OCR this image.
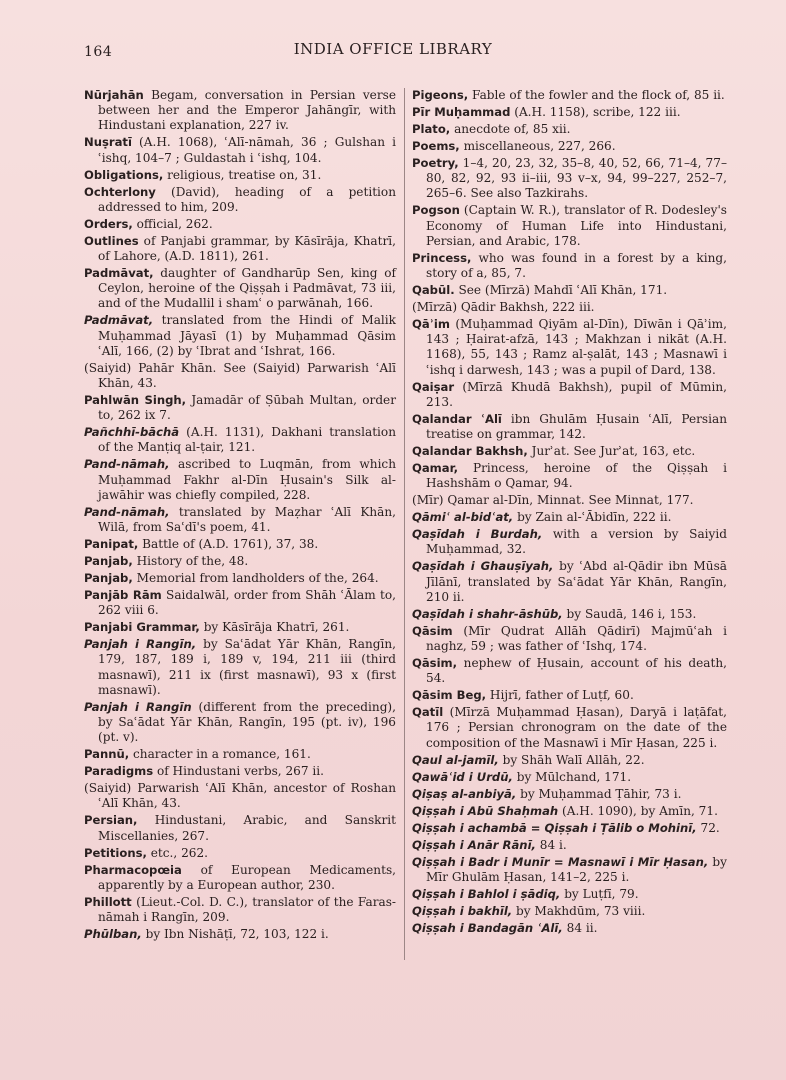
164	INDIA OFFICE LIBRARY

Nūrjahān Begam, conversation in Persian verse between her and the Emperor Jahāngīr, with Hindustani explanation, 227 iv.

Nuṣratī (A.H. 1068), ʿAlī-nāmah, 36 ; Gulshan i ʿishq, 104–7 ; Guldastah i ʿishq, 104.

Obligations, religious, treatise on, 31.

Ochterlony (David), heading of a petition addressed to him, 209.

Orders, official, 262.

Outlines of Panjabi grammar, by Kāsīrāja, Khatrī, of Lahore, (A.D. 1811), 261.

Padmāvat, daughter of Gandharūp Sen, king of Ceylon, heroine of the Qiṣṣah i Padmāvat, 73 iii, and of the Mudallil i shamʿ o parwānah, 166.

Padmāvat, translated from the Hindi of Malik Muḥammad Jāyasī (1) by Muḥammad Qāsim ʿAlī, 166, (2) by ʿIbrat and ʿIshrat, 166.

(Saiyid) Pahār Khān. See (Saiyid) Parwarish ʿAlī Khān, 43.

Pahlwān Singh, Jamadār of Ṣūbah Multan, order to, 262 ix 7.

Pañchhī-bāchā (A.H. 1131), Dakhani translation of the Manṭiq al-ṭair, 121.

Pand-nāmah, ascribed to Luqmān, from which Muḥammad Fakhr al-Dīn Ḥusain's Silk al-jawāhir was chiefly compiled, 228.

Pand-nāmah, translated by Maẓhar ʿAlī Khān, Wilā, from Saʿdī's poem, 41.

Panipat, Battle of (A.D. 1761), 37, 38.

Panjab, History of the, 48.

Panjab, Memorial from landholders of the, 264.

Panjāb Rām Saidalwāl, order from Shāh ʿĀlam to, 262 viii 6.

Panjabi Grammar, by Kāsīrāja Khatrī, 261.

Panjah i Rangīn, by Saʿādat Yār Khān, Rangīn, 179, 187, 189 i, 189 v, 194, 211 iii (third masnawī), 211 ix (first masnawī), 93 x (first masnawī).

Panjah i Rangīn (different from the preceding), by Saʿādat Yār Khān, Rangīn, 195 (pt. iv), 196 (pt. v).

Pannū, character in a romance, 161.

Paradigms of Hindustani verbs, 267 ii.

(Saiyid) Parwarish ʿAlī Khān, ancestor of Roshan ʿAlī Khān, 43.

Persian, Hindustani, Arabic, and Sanskrit Miscellanies, 267.

Petitions, etc., 262.

Pharmacopœia of European Medicaments, apparently by a European author, 230.

Phillott (Lieut.-Col. D. C.), translator of the Faras-nāmah i Rangīn, 209.

Phūlban, by Ibn Nishāṭī, 72, 103, 122 i.

Pigeons, Fable of the fowler and the flock of, 85 ii.

Pīr Muḥammad (A.H. 1158), scribe, 122 iii.

Plato, anecdote of, 85 xii.

Poems, miscellaneous, 227, 266.

Poetry, 1–4, 20, 23, 32, 35–8, 40, 52, 66, 71–4, 77–80, 82, 92, 93 ii–iii, 93 v–x, 94, 99–227, 252–7, 265–6. See also Tazkirahs.

Pogson (Captain W. R.), translator of R. Dodesley's Economy of Human Life into Hindustani, Persian, and Arabic, 178.

Princess, who was found in a forest by a king, story of a, 85, 7.

Qabūl. See (Mīrzā) Mahdī ʿAlī Khān, 171.

(Mīrzā) Qādir Bakhsh, 222 iii.

Qāʾim (Muḥammad Qiyām al-Dīn), Dīwān i Qāʾim, 143 ; Ḥairat-afzā, 143 ; Makhzan i nikāt (A.H. 1168), 55, 143 ; Ramz al-ṣalāt, 143 ; Masnawī i ʿishq i darwesh, 143 ; was a pupil of Dard, 138.

Qaiṣar (Mīrzā Khudā Bakhsh), pupil of Mūmin, 213.

Qalandar ʿAlī ibn Ghulām Ḥusain ʿAlī, Persian treatise on grammar, 142.

Qalandar Bakhsh, Jurʾat. See Jurʾat, 163, etc.

Qamar, Princess, heroine of the Qiṣṣah i Hashshām o Qamar, 94.

(Mīr) Qamar al-Dīn, Minnat. See Minnat, 177.

Qāmiʿ al-bidʿat, by Zain al-ʿĀbidīn, 222 ii.

Qaṣīdah i Burdah, with a version by Saiyid Muḥammad, 32.

Qaṣīdah i Ghauṣīyah, by ʿAbd al-Qādir ibn Mūsā Jīlānī, translated by Saʿādat Yār Khān, Rangīn, 210 ii.

Qaṣīdah i shahr-āshūb, by Saudā, 146 i, 153.

Qāsim (Mīr Qudrat Allāh Qādirī) Majmūʿah i naghz, 59 ; was father of ʿIshq, 174.

Qāsim, nephew of Ḥusain, account of his death, 54.

Qāsim Beg, Hijrī, father of Luṭf, 60.

Qatīl (Mīrzā Muḥammad Ḥasan), Daryā i laṭāfat, 176 ; Persian chronogram on the date of the composition of the Masnawī i Mīr Ḥasan, 225 i.

Qaul al-jamīl, by Shāh Walī Allāh, 22.

Qawāʿid i Urdū, by Mūlchand, 171.

Qiṣaṣ al-anbiyā, by Muḥammad Ṭāhir, 73 i.

Qiṣṣah i Abū Shaḥmah (A.H. 1090), by Amīn, 71.

Qiṣṣah i achambā = Qiṣṣah i Ṭālib o Mohinī, 72.

Qiṣṣah i Anār Rānī, 84 i.

Qiṣṣah i Badr i Munīr = Masnawī i Mīr Ḥasan, by Mīr Ghulām Ḥasan, 141–2, 225 i.

Qiṣṣah i Bahlol i ṣādiq, by Luṭfī, 79.

Qiṣṣah i bakhīl, by Makhdūm, 73 viii.

Qiṣṣah i Bandagān ʿAlī, 84 ii.
